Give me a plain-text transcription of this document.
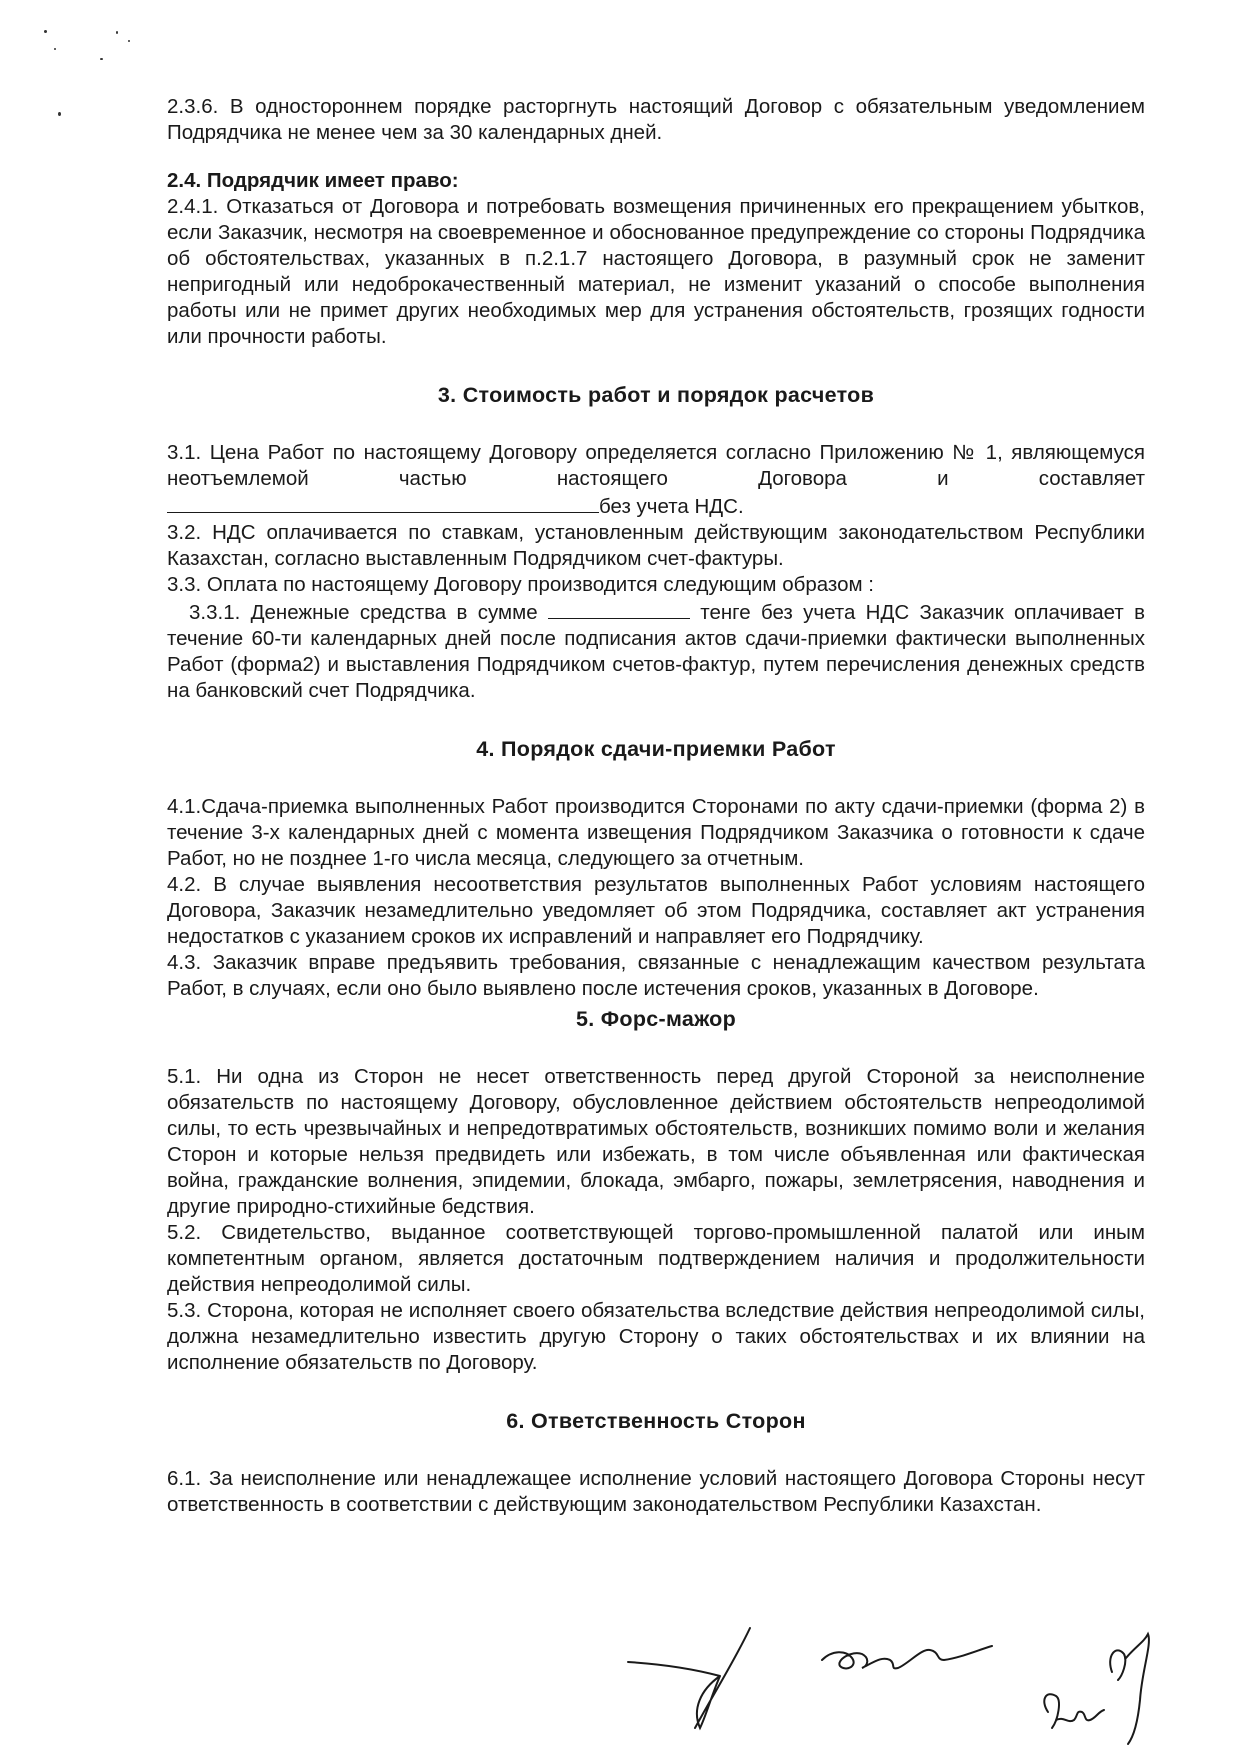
2.3.6. В одностороннем порядке расторгнуть настоящий Договор с обязательным уведомлением Подрядчика не менее чем за 30 календарных дней.

2.4. Подрядчик имеет право:

2.4.1. Отказаться от Договора и потребовать возмещения причиненных его прекращением убытков, если Заказчик, несмотря на своевременное и обоснованное предупреждение со стороны Подрядчика об обстоятельствах, указанных в п.2.1.7 настоящего Договора, в разумный срок не заменит непригодный или недоброкачественный материал, не изменит указаний о способе выполнения работы или не примет других необходимых мер для устранения обстоятельств, грозящих годности или прочности работы.

3. Стоимость работ и порядок расчетов

3.1. Цена Работ по настоящему Договору определяется согласно Приложению № 1, являющемуся неотъемлемой частью настоящего Договора и составляет без учета НДС.

3.2. НДС оплачивается по ставкам, установленным действующим законодательством Республики Казахстан, согласно выставленным Подрядчиком счет-фактуры.

3.3. Оплата по настоящему Договору производится следующим образом :

3.3.1. Денежные средства в сумме	тенге без учета НДС Заказчик оплачивает в течение 60-ти календарных дней после подписания актов сдачи-приемки фактически выполненных Работ (форма2) и выставления Подрядчиком счетов-фактур, путем перечисления денежных средств на банковский счет Подрядчика.

4. Порядок сдачи-приемки Работ

4.1.Сдача-приемка выполненных Работ производится Сторонами по акту сдачи-приемки (форма 2) в течение 3-х календарных дней с момента извещения Подрядчиком Заказчика о готовности к сдаче Работ, но не позднее 1-го числа месяца, следующего за отчетным.

4.2. В случае выявления несоответствия результатов выполненных Работ условиям настоящего Договора, Заказчик незамедлительно уведомляет об этом Подрядчика, составляет акт устранения недостатков с указанием сроков их исправлений и направляет его Подрядчику.

4.3. Заказчик вправе предъявить требования, связанные с ненадлежащим качеством результата Работ, в случаях, если оно было выявлено после истечения сроков, указанных в Договоре.

5. Форс-мажор

5.1. Ни одна из Сторон не несет ответственность перед другой Стороной за неисполнение обязательств по настоящему Договору, обусловленное действием обстоятельств непреодолимой силы, то есть чрезвычайных и непредотвратимых обстоятельств, возникших помимо воли и желания Сторон и которые нельзя предвидеть или избежать, в том числе объявленная или фактическая война, гражданские волнения, эпидемии, блокада, эмбарго, пожары, землетрясения, наводнения и другие природно-стихийные бедствия.

5.2. Свидетельство, выданное соответствующей торгово-промышленной палатой или иным компетентным органом, является достаточным подтверждением наличия и продолжительности действия непреодолимой силы.

5.3. Сторона, которая не исполняет своего обязательства вследствие действия непреодолимой силы, должна незамедлительно известить другую Сторону о таких обстоятельствах и их влиянии на исполнение обязательств по Договору.

6. Ответственность Сторон

6.1. За неисполнение или ненадлежащее исполнение условий настоящего Договора Стороны несут ответственность в соответствии с действующим законодательством Республики Казахстан.
